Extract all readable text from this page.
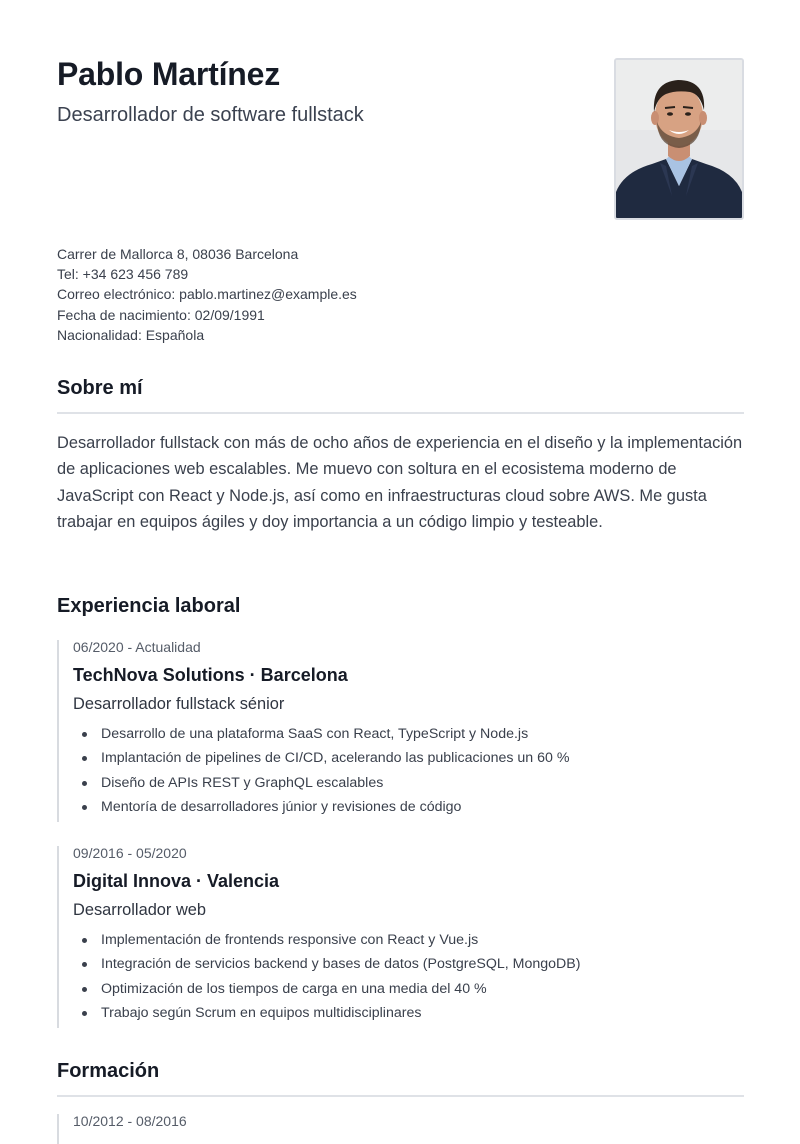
Pablo Martínez

Desarrollador de software fullstack

Carrer de Mallorca 8, 08036 Barcelona
Tel: +34 623 456 789
Correo electrónico: pablo.martinez@example.es
Fecha de nacimiento: 02/09/1991
Nacionalidad: Española
Sobre mí

Desarrollador fullstack con más de ocho años de experiencia en el diseño y la implementación de aplicaciones web escalables. Me muevo con soltura en el ecosistema moderno de JavaScript con React y Node.js, así como en infraestructuras cloud sobre AWS. Me gusta trabajar en equipos ágiles y doy importancia a un código limpio y testeable.

Experiencia laboral
06/2020 - Actualidad
TechNova Solutions · Barcelona
Desarrollador fullstack sénior
Desarrollo de una plataforma SaaS con React, TypeScript y Node.js
Implantación de pipelines de CI/CD, acelerando las publicaciones un 60 %
Diseño de APIs REST y GraphQL escalables
Mentoría de desarrolladores júnior y revisiones de código
09/2016 - 05/2020
Digital Innova · Valencia
Desarrollador web
Implementación de frontends responsive con React y Vue.js
Integración de servicios backend y bases de datos (PostgreSQL, MongoDB)
Optimización de los tiempos de carga en una media del 40 %
Trabajo según Scrum en equipos multidisciplinares
Formación
10/2012 - 08/2016
